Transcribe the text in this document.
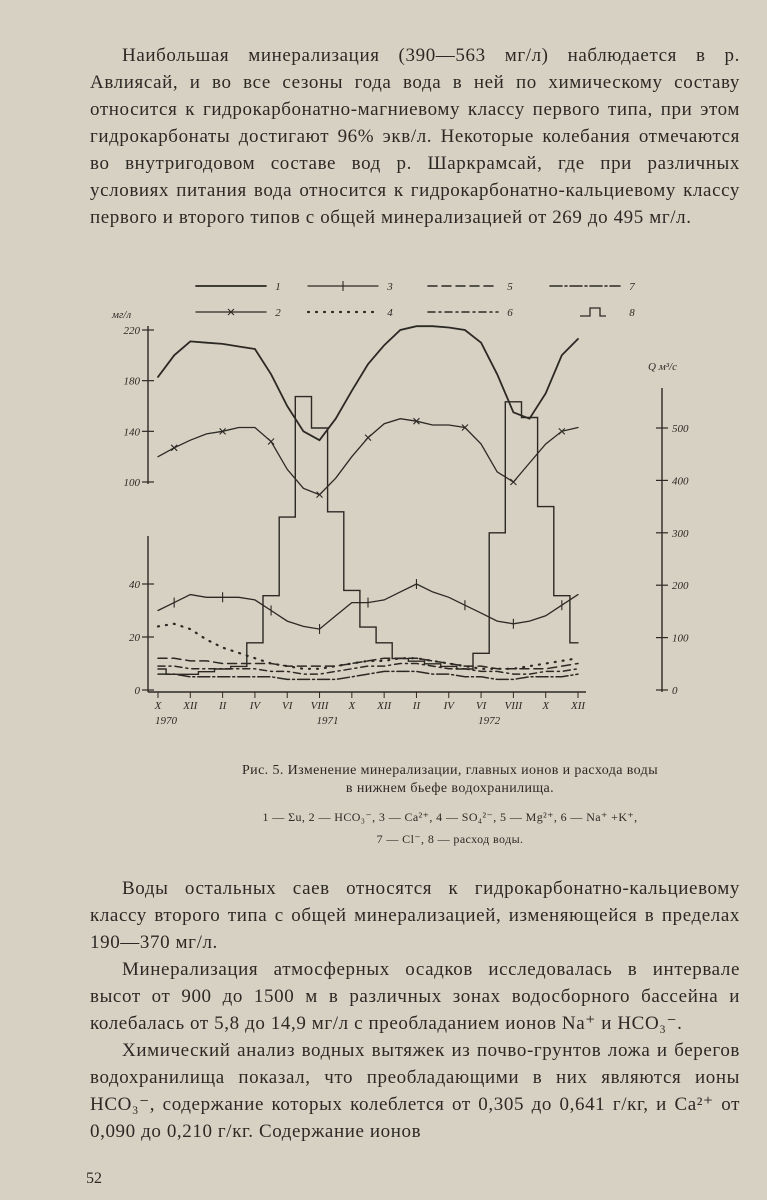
Наибольшая минерализация (390—563 мг/л) наблюдается в р. Авлиясай, и во все сезоны года вода в ней по химическому составу относится к гидрокарбонатно-магниевому классу первого типа, при этом гидрокарбонаты достигают 96% экв/л. Некоторые колебания отмечаются во внутригодовом составе вод р. Шаркрамсай, где при различных условиях питания вода относится к гидрокарбонатно-кальциевому классу первого и второго типов с общей минерализацией от 269 до 495 мг/л.

220
180
140
100
40
20
0
мг/л
500
400
300
200
100
0
Q м³/с
X XII II IV VI VIII X XII II IV VI VIII X XII
1970	1971	1972
1	3	5	7
2	4	6	8
Рис. 5. Изменение минерализации, главных ионов и расхода воды
в нижнем бьефе водохранилища.
1 — Σu, 2 — HCO₃⁻, 3 — Ca²⁺, 4 — SO₄²⁻, 5 — Mg²⁺, 6 — Na⁺ +K⁺,
7 — Cl⁻, 8 — расход воды.

Воды остальных саев относятся к гидрокарбонатно-кальциевому классу второго типа с общей минерализацией, изменяющейся в пределах 190—370 мг/л.

Минерализация атмосферных осадков исследовалась в интервале высот от 900 до 1500 м в различных зонах водосборного бассейна и колебалась от 5,8 до 14,9 мг/л с преобладанием ионов Na⁺ и HCO₃⁻.

Химический анализ водных вытяжек из почво-грунтов ложа и берегов водохранилища показал, что преобладающими в них являются ионы HCO₃⁻, содержание которых колеблется от 0,305 до 0,641 г/кг, и Ca²⁺ от 0,090 до 0,210 г/кг. Содержание ионов

52
